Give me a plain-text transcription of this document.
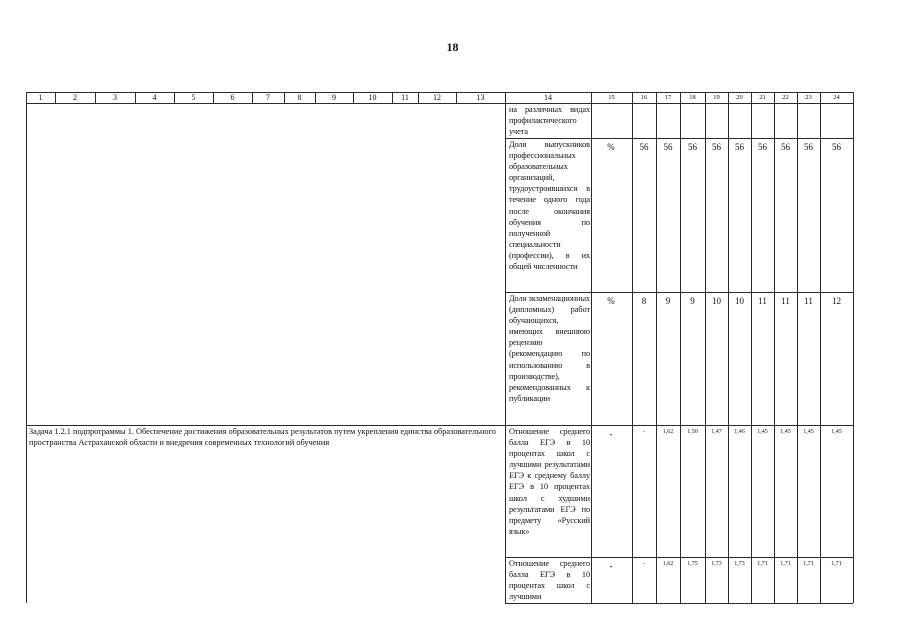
18
1	2	3	4	5	6	7	8	9	10	11	12	13	14	15	16	17	18	19	20	21	22	23	24
Задача 1.2.1 подпрограммы 1. Обеспечение достижения образовательных результатов путем укрепления единства образовательного пространства Астраханской области и внедрения современных технологий обучения
на различных видах профилактического учета
Доля выпускников профессиональных образовательных организаций, трудоустроившихся в течение одного года после окончания обучения по полученной специальности (профессии), в их общей численности
%	56	56	56	56	56	56	56	56	56
Доля экзаменационных (дипломных) работ обучающихся, имеющих внешнюю рецензию (рекомендацию по использованию в производстве), рекомендованных к публикации
%	8	9	9	10	10	11	11	11	12
Отношение среднего балла ЕГЭ в 10 процентах школ с лучшими результатами ЕГЭ к среднему баллу ЕГЭ в 10 процентах школ с худшими результатами ЕГЭ по предмету «Русский язык»
-	-	1,62	1,50	1,47	1,46	1,45	1,45	1,45	1,45
Отношение среднего балла ЕГЭ в 10 процентах школ с лучшими
-	-	1,62	1,75	1,73	1,73	1,71	1,71	1,71	1,71
